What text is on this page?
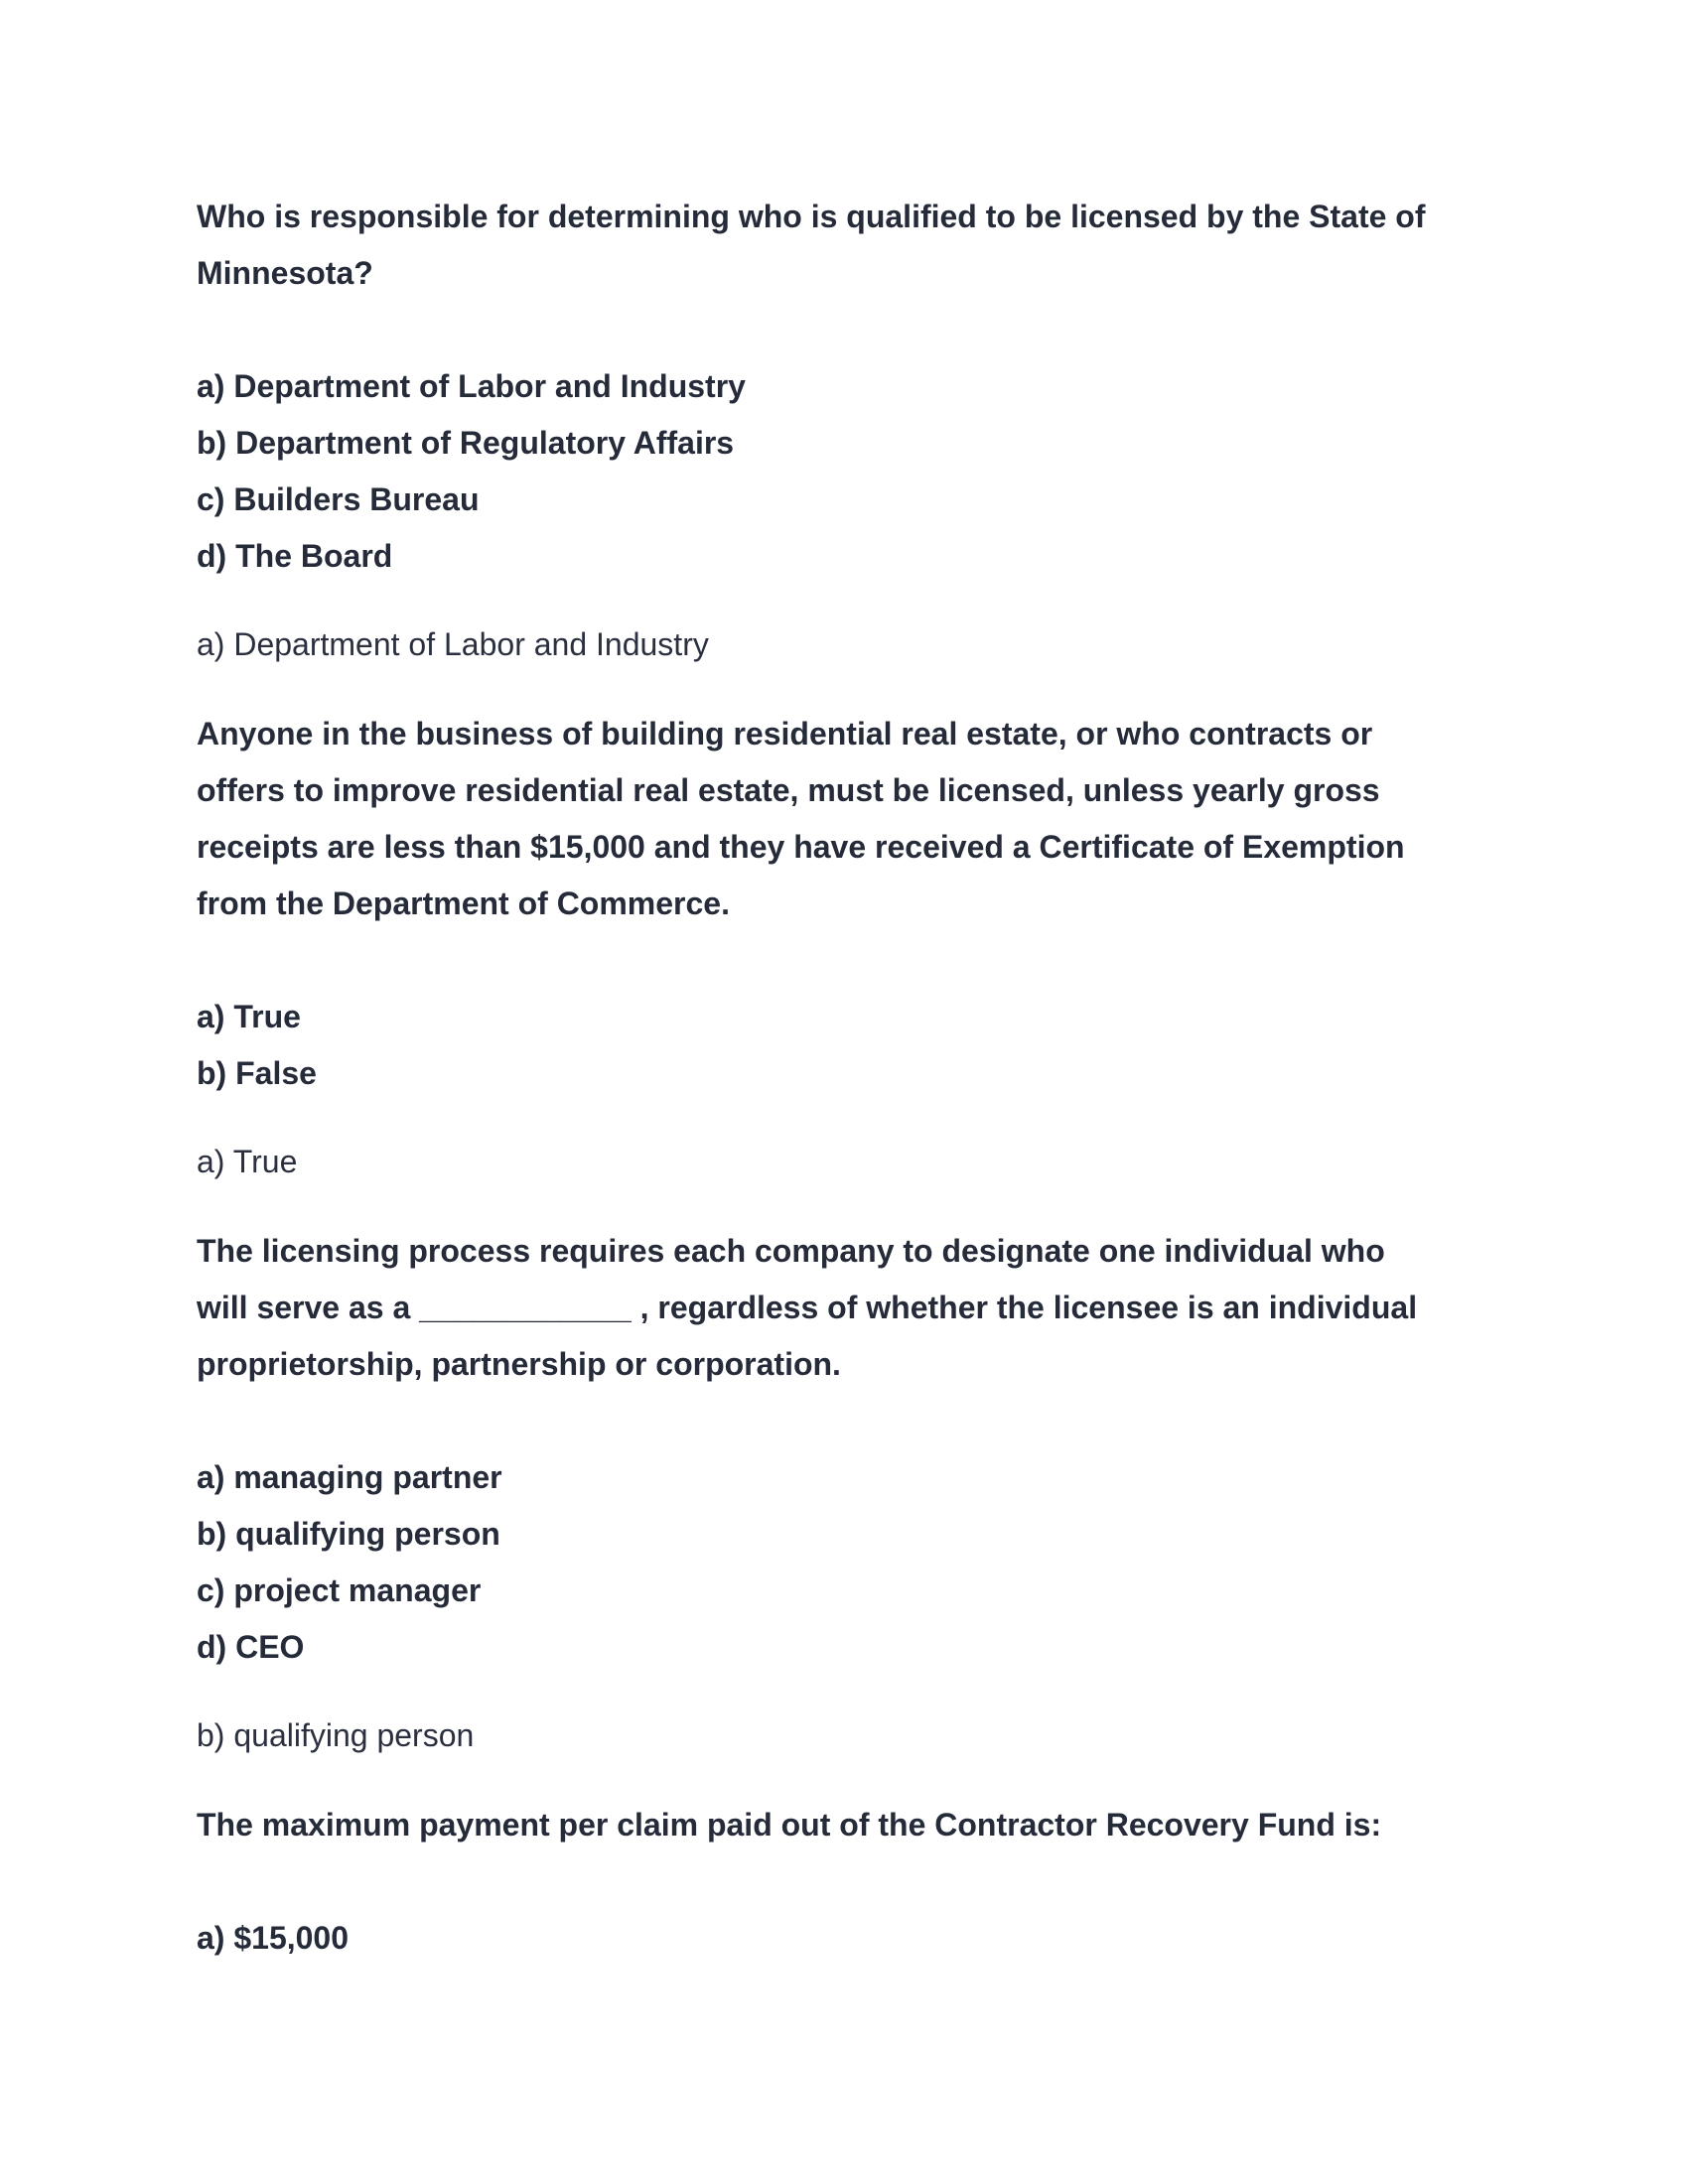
Who is responsible for determining who is qualified to be licensed by the State of
Minnesota?
a) Department of Labor and Industry
b) Department of Regulatory Affairs
c) Builders Bureau
d) The Board
a) Department of Labor and Industry
Anyone in the business of building residential real estate, or who contracts or
offers to improve residential real estate, must be licensed, unless yearly gross
receipts are less than $15,000 and they have received a Certificate of Exemption
from the Department of Commerce.
a) True
b) False
a) True
The licensing process requires each company to designate one individual who
will serve as a ____________ , regardless of whether the licensee is an individual
proprietorship, partnership or corporation.
a) managing partner
b) qualifying person
c) project manager
d) CEO
b) qualifying person
The maximum payment per claim paid out of the Contractor Recovery Fund is:
a) $15,000
